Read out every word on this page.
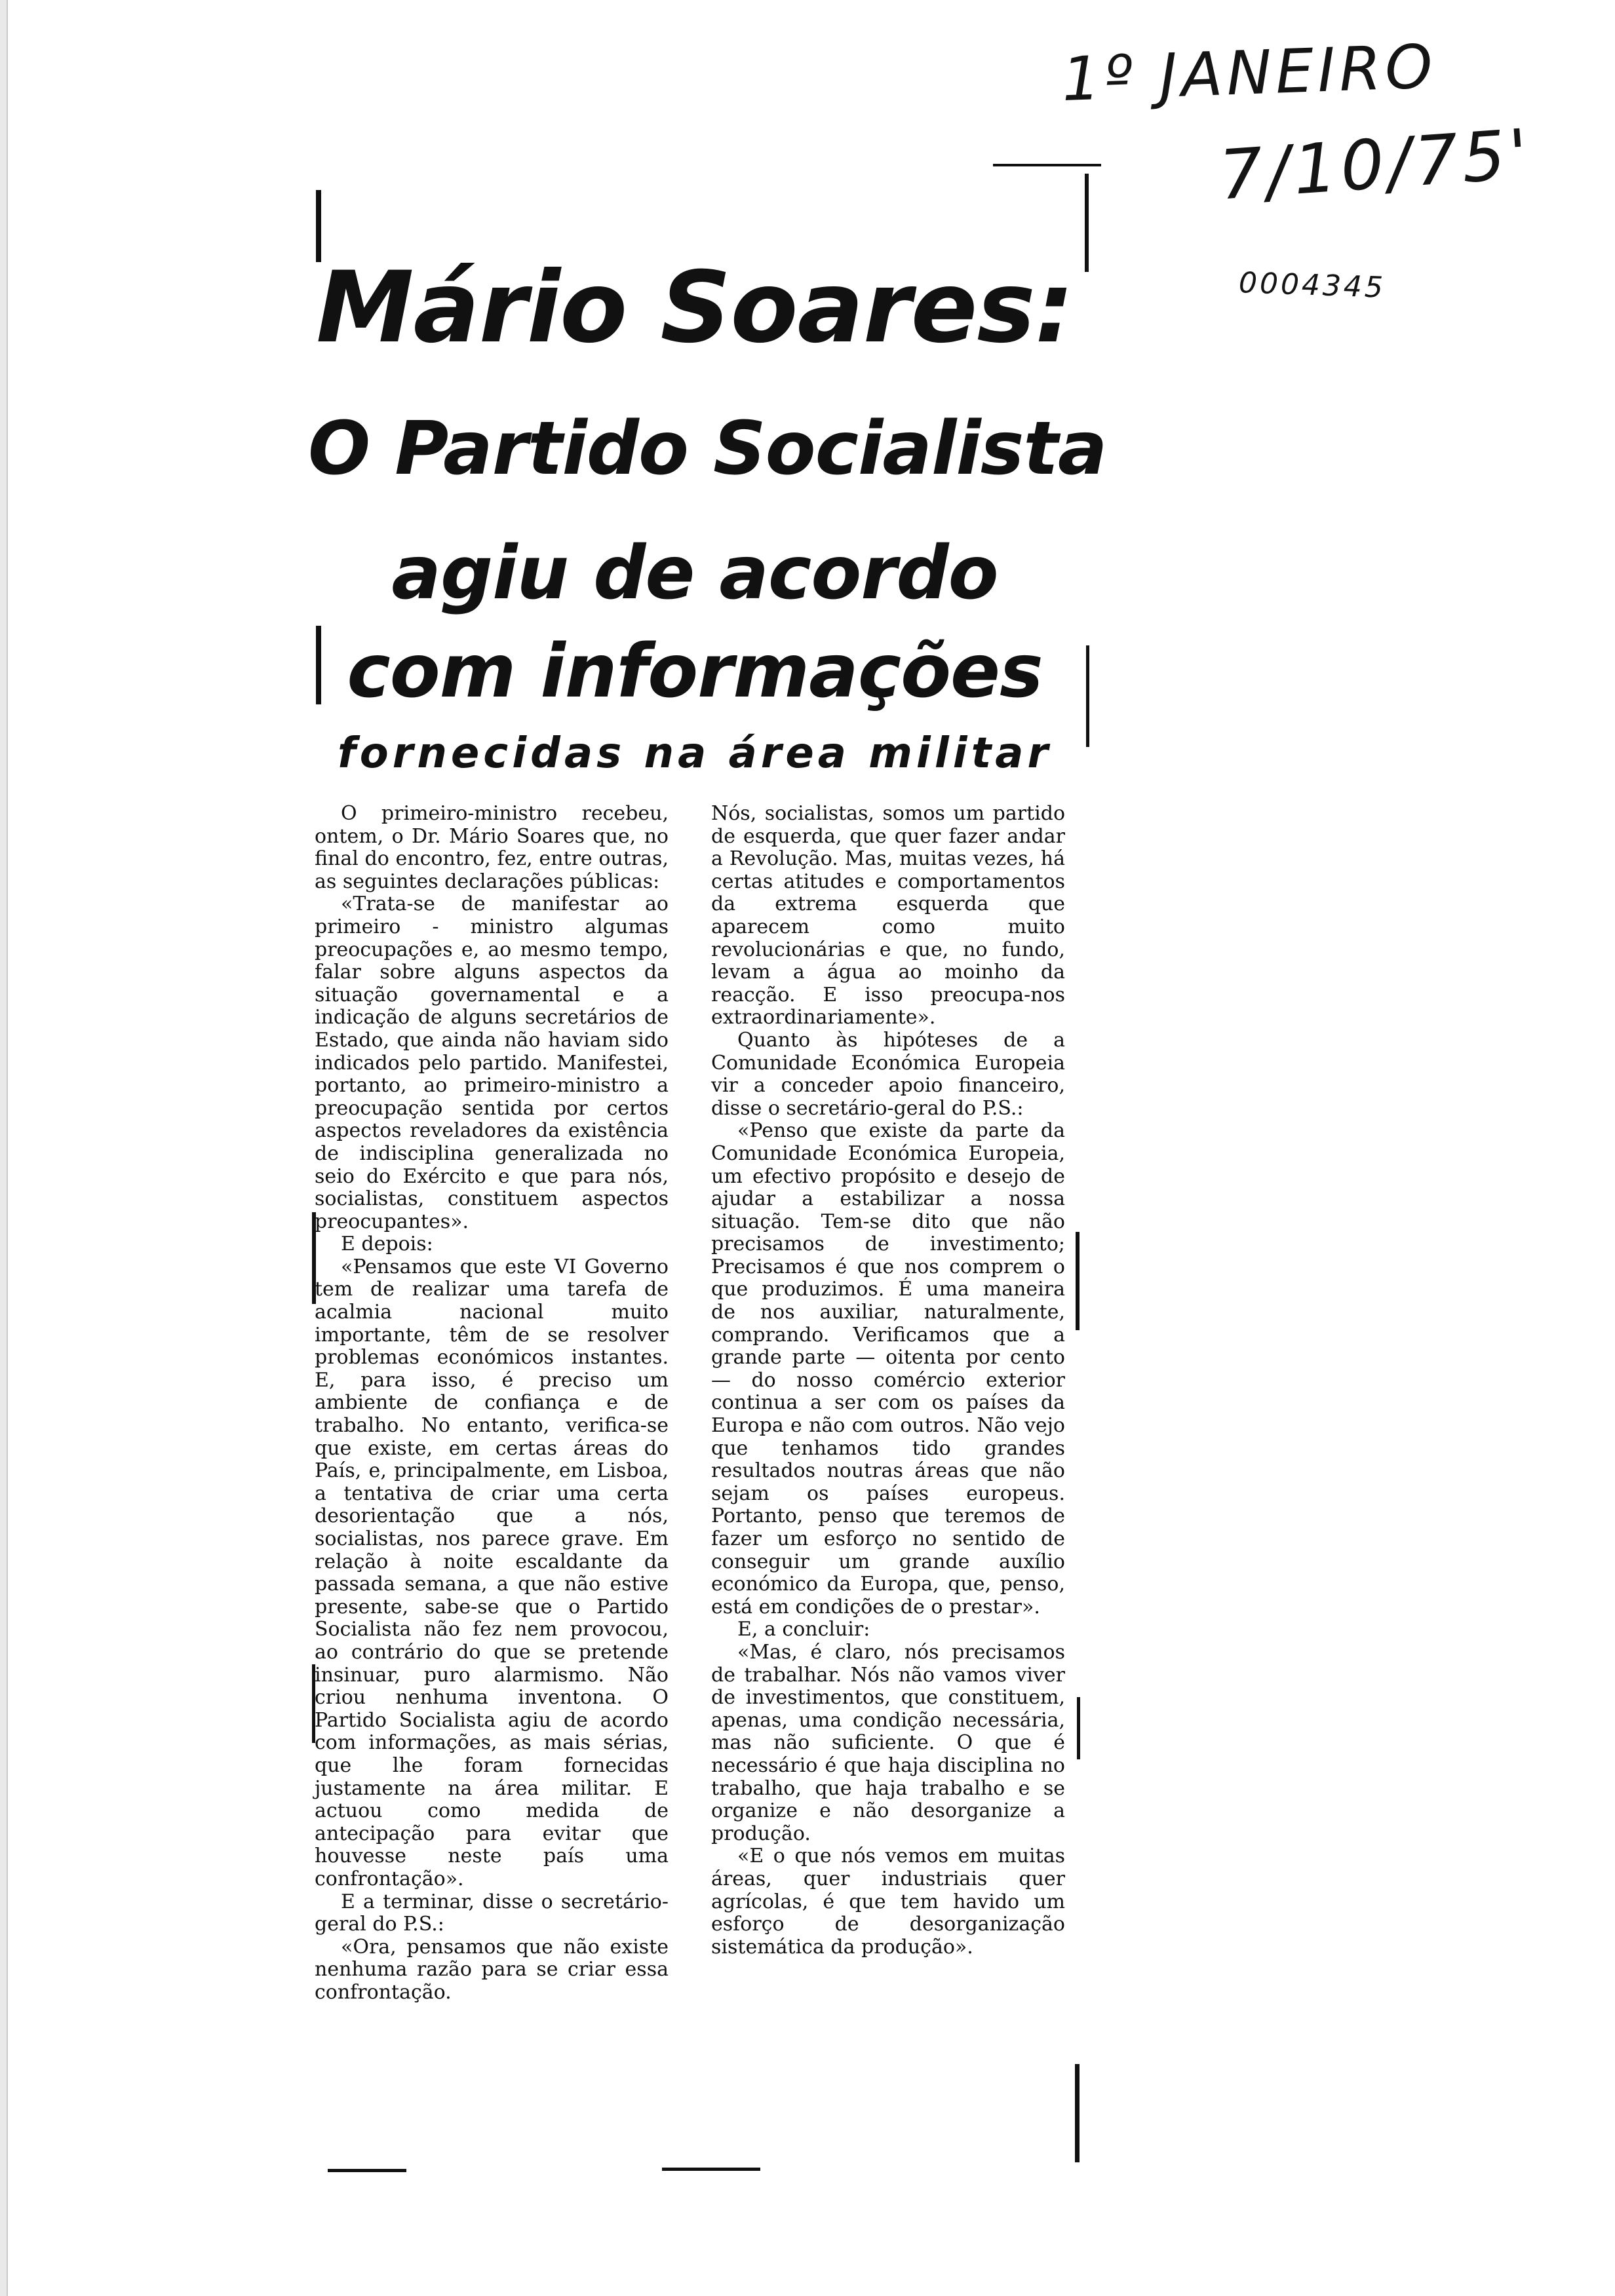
1º JANEIRO
7/10/75'
0004345
Mário Soares:
O Partido Socialista
agiu de acordo
com informações
fornecidas na área militar

O primeiro-ministro recebeu, ontem, o Dr. Mário Soares que, no final do encontro, fez, entre outras, as seguintes declarações públicas:

«Trata-se de manifestar ao primeiro - ministro algumas preocupações e, ao mesmo tempo, falar sobre alguns aspectos da situação governamental e a indicação de alguns secretários de Estado, que ainda não haviam sido indicados pelo partido. Manifestei, portanto, ao primeiro-ministro a preocupação sentida por certos aspectos reveladores da existência de indisciplina generalizada no seio do Exército e que para nós, socialistas, constituem aspectos preocupantes».

E depois:

«Pensamos que este VI Governo tem de realizar uma tarefa de acalmia nacional muito importante, têm de se resolver problemas económicos instantes. E, para isso, é preciso um ambiente de confiança e de trabalho. No entanto, verifica-se que existe, em certas áreas do País, e, principalmente, em Lisboa, a tentativa de criar uma certa desorientação que a nós, socialistas, nos parece grave. Em relação à noite escaldante da passada semana, a que não estive presente, sabe-se que o Partido Socialista não fez nem provocou, ao contrário do que se pretende insinuar, puro alarmismo. Não criou nenhuma inventona. O Partido Socialista agiu de acordo com informações, as mais sérias, que lhe foram fornecidas justamente na área militar. E actuou como medida de antecipação para evitar que houvesse neste país uma confrontação».

E a terminar, disse o secretário-geral do P.S.:

«Ora, pensamos que não existe nenhuma razão para se criar essa confrontação.

Nós, socialistas, somos um partido de esquerda, que quer fazer andar a Revolução. Mas, muitas vezes, há certas atitudes e comportamentos da extrema esquerda que aparecem como muito revolucionárias e que, no fundo, levam a água ao moinho da reacção. E isso preocupa-nos extraordinariamente».

Quanto às hipóteses de a Comunidade Económica Europeia vir a conceder apoio financeiro, disse o secretário-geral do P.S.:

«Penso que existe da parte da Comunidade Económica Europeia, um efectivo propósito e desejo de ajudar a estabilizar a nossa situação. Tem-se dito que não precisamos de investimento; Precisamos é que nos comprem o que produzimos. É uma maneira de nos auxiliar, naturalmente, comprando. Verificamos que a grande parte — oitenta por cento — do nosso comércio exterior continua a ser com os países da Europa e não com outros. Não vejo que tenhamos tido grandes resultados noutras áreas que não sejam os países europeus. Portanto, penso que teremos de fazer um esforço no sentido de conseguir um grande auxílio económico da Europa, que, penso, está em condições de o prestar».

E, a concluir:

«Mas, é claro, nós precisamos de trabalhar. Nós não vamos viver de investimentos, que constituem, apenas, uma condição necessária, mas não suficiente. O que é necessário é que haja disciplina no trabalho, que haja trabalho e se organize e não desorganize a produção.

«E o que nós vemos em muitas áreas, quer industriais quer agrícolas, é que tem havido um esforço de desorganização sistemática da produção».
